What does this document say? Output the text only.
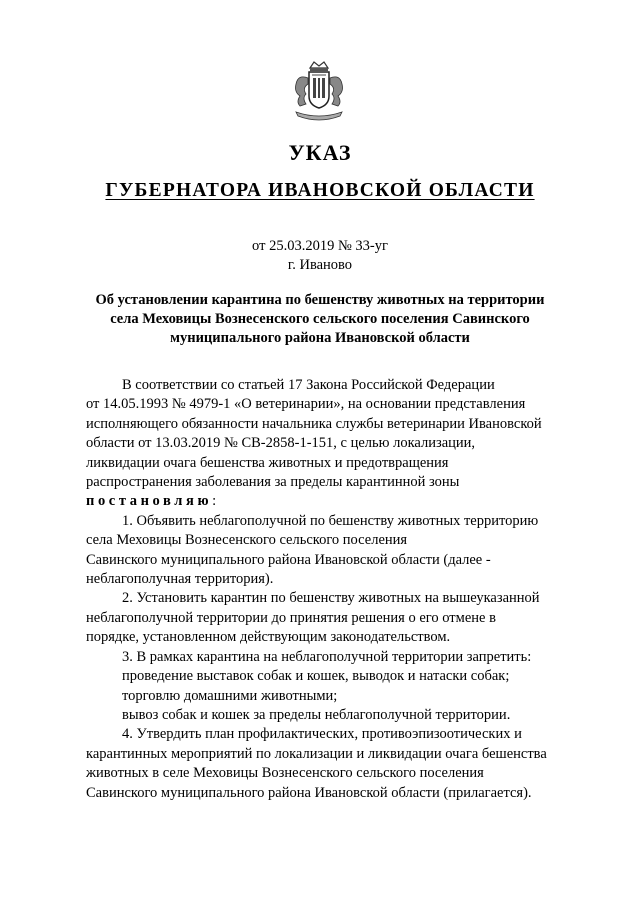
УКАЗ
ГУБЕРНАТОРА ИВАНОВСКОЙ ОБЛАСТИ
от 25.03.2019 № 33-уг
г. Иваново
Об установлении карантина по бешенству животных на территории
села Меховицы Вознесенского сельского поселения Савинского
муниципального района Ивановской области

В соответствии со статьей 17 Закона Российской Федерации

от 14.05.1993 № 4979-1 «О ветеринарии», на основании представления

исполняющего обязанности начальника службы ветеринарии Ивановской

области от 13.03.2019 № СВ-2858-1-151, с целью локализации,

ликвидации очага бешенства животных и предотвращения

распространения заболевания за пределы карантинной зоны

постановляю:

1. Объявить неблагополучной по бешенству животных территорию

села Меховицы Вознесенского сельского поселения

Савинского муниципального района Ивановской области (далее -

неблагополучная территория).

2. Установить карантин по бешенству животных на вышеуказанной

неблагополучной территории до принятия решения о его отмене в

порядке, установленном действующим законодательством.

3. В рамках карантина на неблагополучной территории запретить:

проведение выставок собак и кошек, выводок и натаски собак;

торговлю домашними животными;

вывоз собак и кошек за пределы неблагополучной территории.

4. Утвердить план профилактических, противоэпизоотических и

карантинных мероприятий по локализации и ликвидации очага бешенства

животных в селе Меховицы Вознесенского сельского поселения

Савинского муниципального района Ивановской области (прилагается).
